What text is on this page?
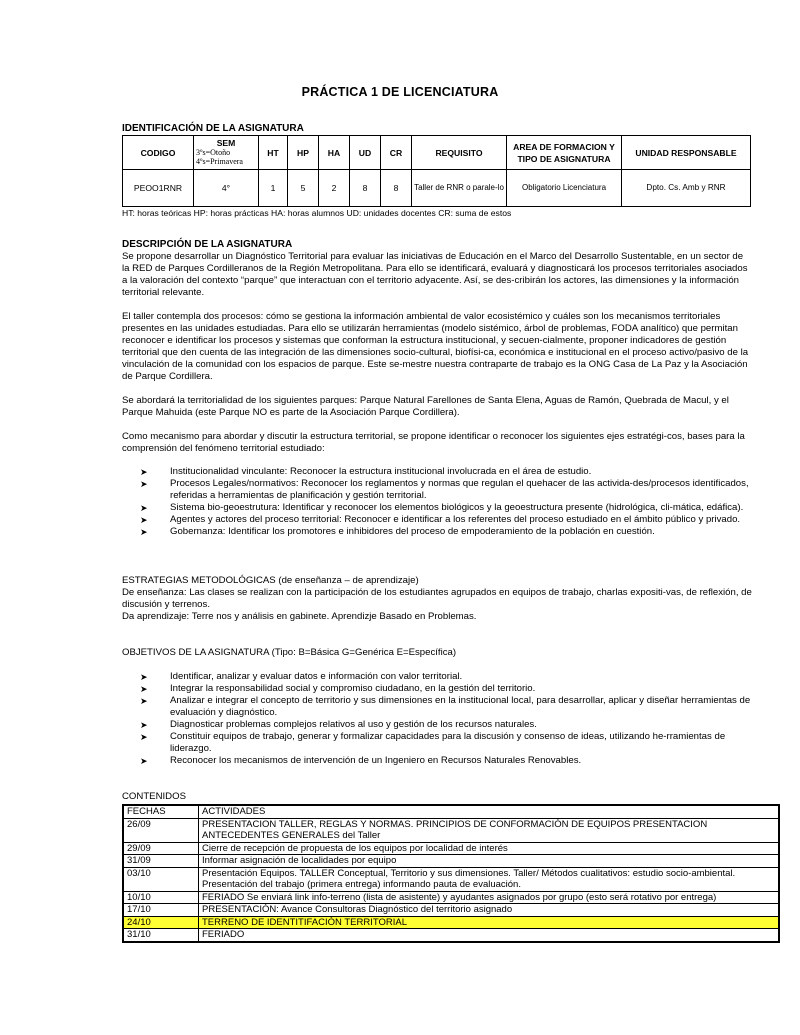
PRÁCTICA 1 DE LICENCIATURA
IDENTIFICACIÓN DE LA ASIGNATURA
CODIGO	SEM
3ºs=Otoño
4ºs=Primavera	HT	HP	HA	UD	CR	REQUISITO	AREA DE FORMACION Y TIPO DE ASIGNATURA	UNIDAD RESPONSABLE
PEOO1RNR	4°	1	5	2	8	8	Taller de RNR o parale-lo	Obligatorio Licenciatura	Dpto. Cs. Amb y RNR
HT: horas teóricas HP: horas prácticas HA: horas alumnos UD: unidades docentes CR: suma de estos
DESCRIPCIÓN DE LA ASIGNATURA

Se propone desarrollar un Diagnóstico Territorial para evaluar las iniciativas de Educación en el Marco del Desarrollo Sustentable, en un sector de la RED de Parques Cordilleranos de la Región Metropolitana. Para ello se identificará, evaluará y diagnosticará los procesos territoriales asociados a la valoración del contexto “parque” que interactuan con el territorio adyacente. Así, se des-cribirán los actores, las dimensiones y la información territorial relevante.

El taller contempla dos procesos: cómo se gestiona la información ambiental de valor ecosistémico y cuáles son los mecanismos territoriales presentes en las unidades estudiadas. Para ello se utilizarán herramientas (modelo sistémico, árbol de problemas, FODA analítico) que permitan reconocer e identificar los procesos y sistemas que conforman la estructura institucional, y secuen-cialmente, proponer indicadores de gestión territorial que den cuenta de las integración de las dimensiones socio-cultural, biofísi-ca, económica e institucional en el proceso activo/pasivo de la vinculación de la comunidad con los espacios de parque. Este se-mestre nuestra contraparte de trabajo es la ONG Casa de La Paz y la Asociación de Parque Cordillera.

Se abordará la territorialidad de los siguientes parques: Parque Natural Farellones de Santa Elena, Aguas de Ramón, Quebrada de Macul, y el Parque Mahuida (este Parque NO es parte de la Asociación Parque Cordillera).

Como mecanismo para abordar y discutir la estructura territorial, se propone identificar o reconocer los siguientes ejes estratégi-cos, bases para la comprensión del fenómeno territorial estudiado:

➤ Institucionalidad vinculante: Reconocer la estructura institucional involucrada en el área de estudio.
➤ Procesos Legales/normativos: Reconocer los reglamentos y normas que regulan el quehacer de las activida-des/procesos identificados, referidas a herramientas de planificación y gestión territorial.
➤ Sistema bio-geoestrutura: Identificar y reconocer los elementos biológicos y la geoestructura presente (hidrológica, cli-mática, edáfica).
➤ Agentes y actores del proceso territorial: Reconocer e identificar a los referentes del proceso estudiado en el ámbito público y privado.
➤ Gobernanza: Identificar los promotores e inhibidores del proceso de empoderamiento de la población en cuestión.
ESTRATEGIAS METODOLÓGICAS (de enseñanza – de aprendizaje)

De enseñanza: Las clases se realizan con la participación de los estudiantes agrupados en equipos de trabajo, charlas expositi-vas, de reflexión, de discusión y terrenos.

Da aprendizaje: Terre nos y análisis en gabinete. Aprendizje Basado en Problemas.

OBJETIVOS DE LA ASIGNATURA (Tipo: B=Básica G=Genérica E=Específica)
➤ Identificar, analizar y evaluar datos e información con valor territorial.
➤ Integrar la responsabilidad social y compromiso ciudadano, en la gestión del territorio.
➤ Analizar e integrar el concepto de territorio y sus dimensiones en la institucional local, para desarrollar, aplicar y diseñar herramientas de evaluación y diagnóstico.
➤ Diagnosticar problemas complejos relativos al uso y gestión de los recursos naturales.
➤ Constituir equipos de trabajo, generar y formalizar capacidades para la discusión y consenso de ideas, utilizando he-rramientas de liderazgo.
➤ Reconocer los mecanismos de intervención de un Ingeniero en Recursos Naturales Renovables.
CONTENIDOS
FECHAS	ACTIVIDADES
26/09	PRESENTACION TALLER, REGLAS Y NORMAS. PRINCIPIOS DE CONFORMACIÓN DE EQUIPOS PRESENTACION ANTECEDENTES GENERALES del Taller
29/09	Cierre de recepción de propuesta de los equipos por localidad de interés
31/09	Informar asignación de localidades por equipo
03/10	Presentación Equipos. TALLER Conceptual, Territorio y sus dimensiones. Taller/ Métodos cualitativos: estudio socio-ambiental. Presentación del trabajo (primera entrega) informando pauta de evaluación.
10/10	FERIADO Se enviará link info-terreno (lista de asistente) y ayudantes asignados por grupo (esto será rotativo por entrega)
17/10	PRESENTACIÓN: Avance Consultoras Diagnóstico del territorio asignado
24/10	TERRENO DE IDENTITIFACIÓN TERRITORIAL
31/10	FERIADO
